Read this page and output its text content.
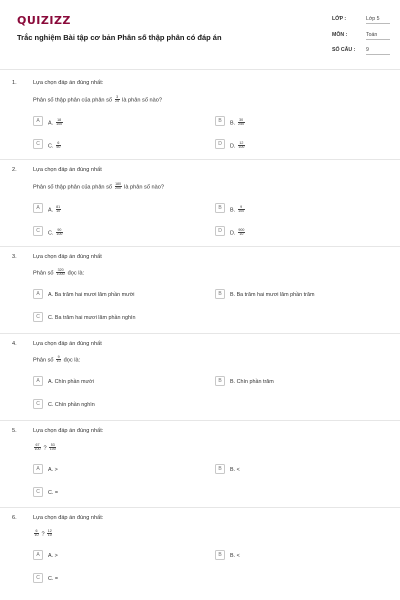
QUIZIZZ
Trắc nghiệm Bài tập cơ bản Phân số thập phân có đáp án
LỚP :	Lớp 5
MÔN :	Toán
SỐ CÂU : 9
1.	Lựa chọn đáp án đúng nhất:
Phân số thập phân của phân số $\frac{3}{25}$ là phân số nào?
A	A. $\frac{18}{100}$	B	B. $\frac{30}{250}$
C	C. $\frac{6}{50}$	D	D. $\frac{12}{100}$
2.	Lựa chọn đáp án đúng nhất
Phân số thập phân của phân số $\frac{180}{200}$ là phân số nào?
A	A. $\frac{81}{10}$	B	B. $\frac{9}{100}$
C	C. $\frac{90}{100}$	D	D. $\frac{900}{10}$
3.	Lựa chọn đáp án đúng nhất
Phân số $\frac{320}{1000}$ đọc là:
A	A. Ba trăm hai mươi lăm phần mười	B	B. Ba trăm hai mươi lăm phần trăm
C	C. Ba trăm hai mươi lăm phần nghìn
4.	Lựa chọn đáp án đúng nhất
Phân số $\frac{9}{10}$ đọc là:
A	A. Chín phần mười	B	B. Chín phần trăm
C	C. Chín phần nghìn
5.	Lựa chọn đáp án đúng nhất:
$\frac{67}{100}$ ? $\frac{53}{100}$
A	A. >	B	B. <
C	C. =
6.	Lựa chọn đáp án đúng nhất:
$\frac{6}{10}$ ? $\frac{12}{10}$
A	A. >	B	B. <
C	C. =
